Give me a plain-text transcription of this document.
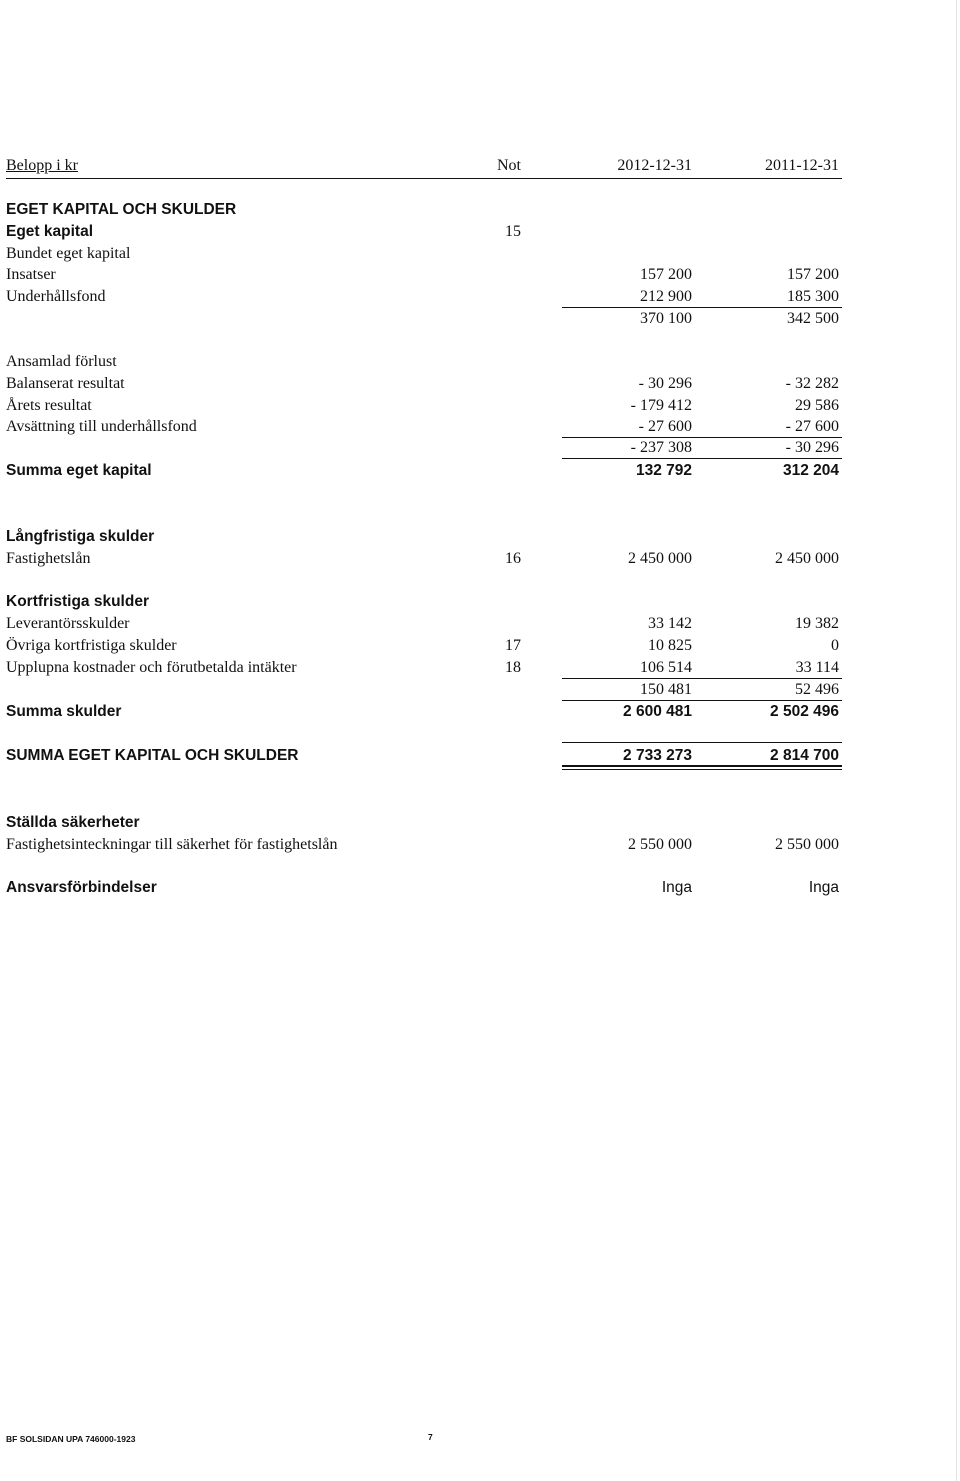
Belopp i kr	Not	2012-12-31	2011-12-31
EGET KAPITAL OCH SKULDER
Eget kapital	15
Bundet eget kapital
Insatser	157 200	157 200
Underhållsfond	212 900	185 300
370 100	342 500
Ansamlad förlust
Balanserat resultat	- 30 296	- 32 282
Årets resultat	- 179 412	29 586
Avsättning till underhållsfond	- 27 600	- 27 600
- 237 308	- 30 296
Summa eget kapital	132 792	312 204
Långfristiga skulder
Fastighetslån	16	2 450 000	2 450 000
Kortfristiga skulder
Leverantörsskulder	33 142	19 382
Övriga kortfristiga skulder	17	10 825	0
Upplupna kostnader och förutbetalda intäkter	18	106 514	33 114
150 481	52 496
Summa skulder	2 600 481	2 502 496
SUMMA EGET KAPITAL OCH SKULDER	2 733 273	2 814 700
Ställda säkerheter
Fastighetsinteckningar till säkerhet för fastighetslån	2 550 000	2 550 000
Ansvarsförbindelser	Inga	Inga
BF SOLSIDAN UPA 746000-1923	7
